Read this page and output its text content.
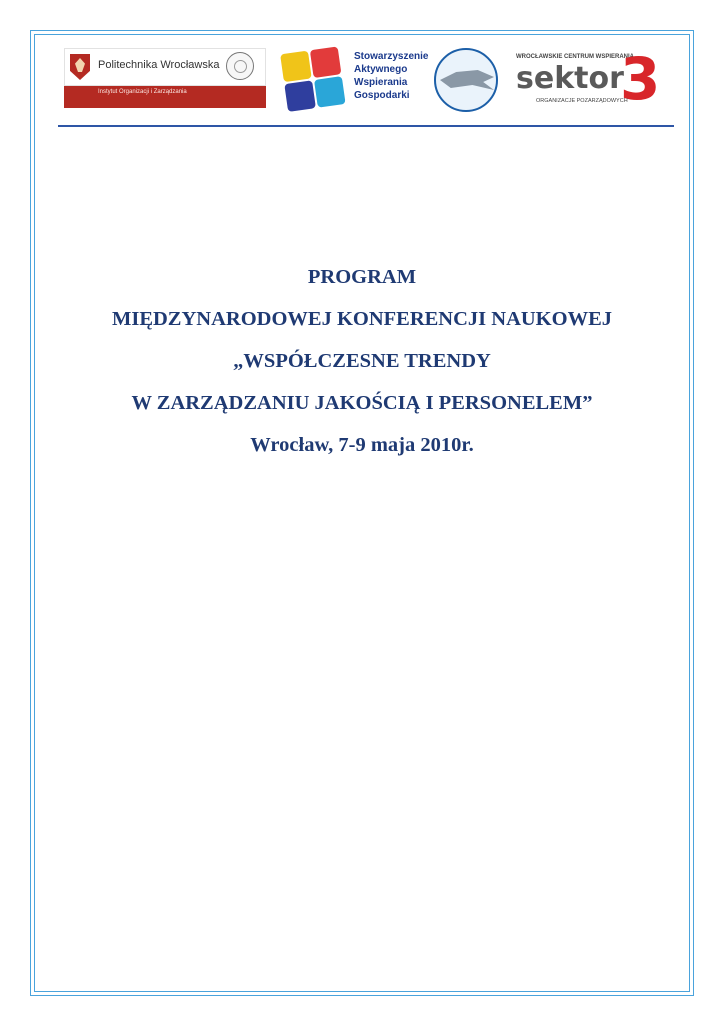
Politechnika Wrocławska
Instytut Organizacji i Zarządzania
Stowarzyszenie
Aktywnego
Wspierania
Gospodarki
WROCŁAWSKIE CENTRUM WSPIERANIA
sektor
3
ORGANIZACJE POZARZĄDOWYCH
PROGRAM
MIĘDZYNARODOWEJ KONFERENCJI NAUKOWEJ
„WSPÓŁCZESNE TRENDY
W ZARZĄDZANIU JAKOŚCIĄ I PERSONELEM”
Wrocław, 7-9 maja 2010r.
